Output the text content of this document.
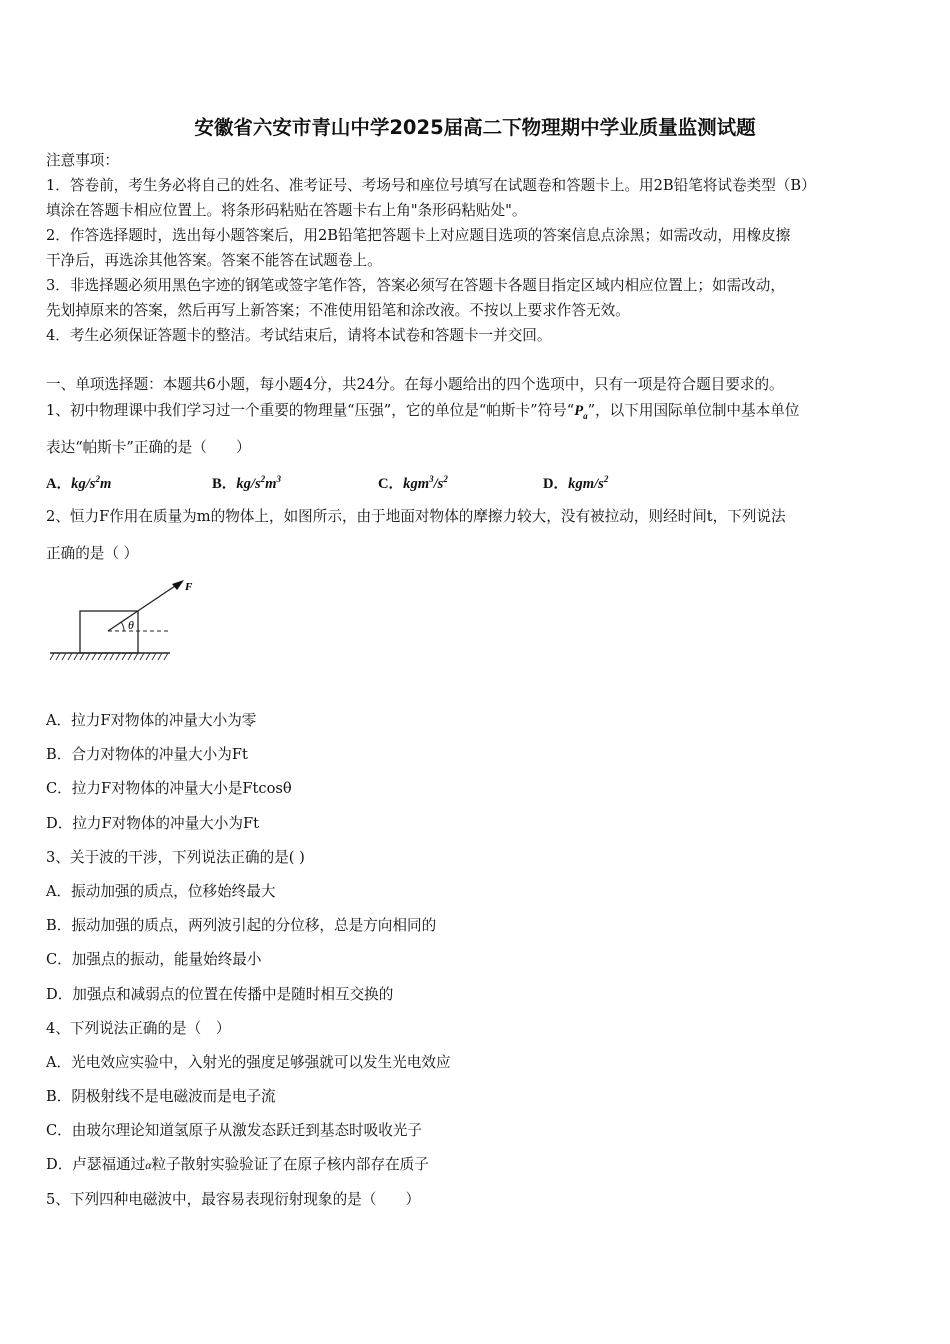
安徽省六安市青山中学2025届高二下物理期中学业质量监测试题
注意事项：
1．答卷前，考生务必将自己的姓名、准考证号、考场号和座位号填写在试题卷和答题卡上。用2B铅笔将试卷类型（B）
填涂在答题卡相应位置上。将条形码粘贴在答题卡右上角"条形码粘贴处"。
2．作答选择题时，选出每小题答案后，用2B铅笔把答题卡上对应题目选项的答案信息点涂黑；如需改动，用橡皮擦
干净后，再选涂其他答案。答案不能答在试题卷上。
3．非选择题必须用黑色字迹的钢笔或签字笔作答，答案必须写在答题卡各题目指定区域内相应位置上；如需改动，
先划掉原来的答案，然后再写上新答案；不准使用铅笔和涂改液。不按以上要求作答无效。
4．考生必须保证答题卡的整洁。考试结束后，请将本试卷和答题卡一并交回。
一、单项选择题：本题共6小题，每小题4分，共24分。在每小题给出的四个选项中，只有一项是符合题目要求的。
1、初中物理课中我们学习过一个重要的物理量“压强”，它的单位是“帕斯卡”符号“$P_a$”，以下用国际单位制中基本单位
表达“帕斯卡”正确的是（　　）
A．$kg/s^2m$	B．$kg/s^2m^3$	C．$kgm^3/s^2$	D．kgm/$s^2$
2、恒力F作用在质量为m的物体上，如图所示，由于地面对物体的摩擦力较大，没有被拉动，则经时间t，下列说法
正确的是（ ）
θ
F
A．拉力F对物体的冲量大小为零
B．合力对物体的冲量大小为Ft
C．拉力F对物体的冲量大小是Ftcosθ
D．拉力F对物体的冲量大小为Ft
3、关于波的干涉，下列说法正确的是( )
A．振动加强的质点，位移始终最大
B．振动加强的质点，两列波引起的分位移，总是方向相同的
C．加强点的振动，能量始终最小
D．加强点和减弱点的位置在传播中是随时相互交换的
4、下列说法正确的是（　）
A．光电效应实验中，入射光的强度足够强就可以发生光电效应
B．阴极射线不是电磁波而是电子流
C．由玻尔理论知道氢原子从激发态跃迁到基态时吸收光子
D．卢瑟福通过α粒子散射实验验证了在原子核内部存在质子
5、下列四种电磁波中，最容易表现衍射现象的是（　　）
